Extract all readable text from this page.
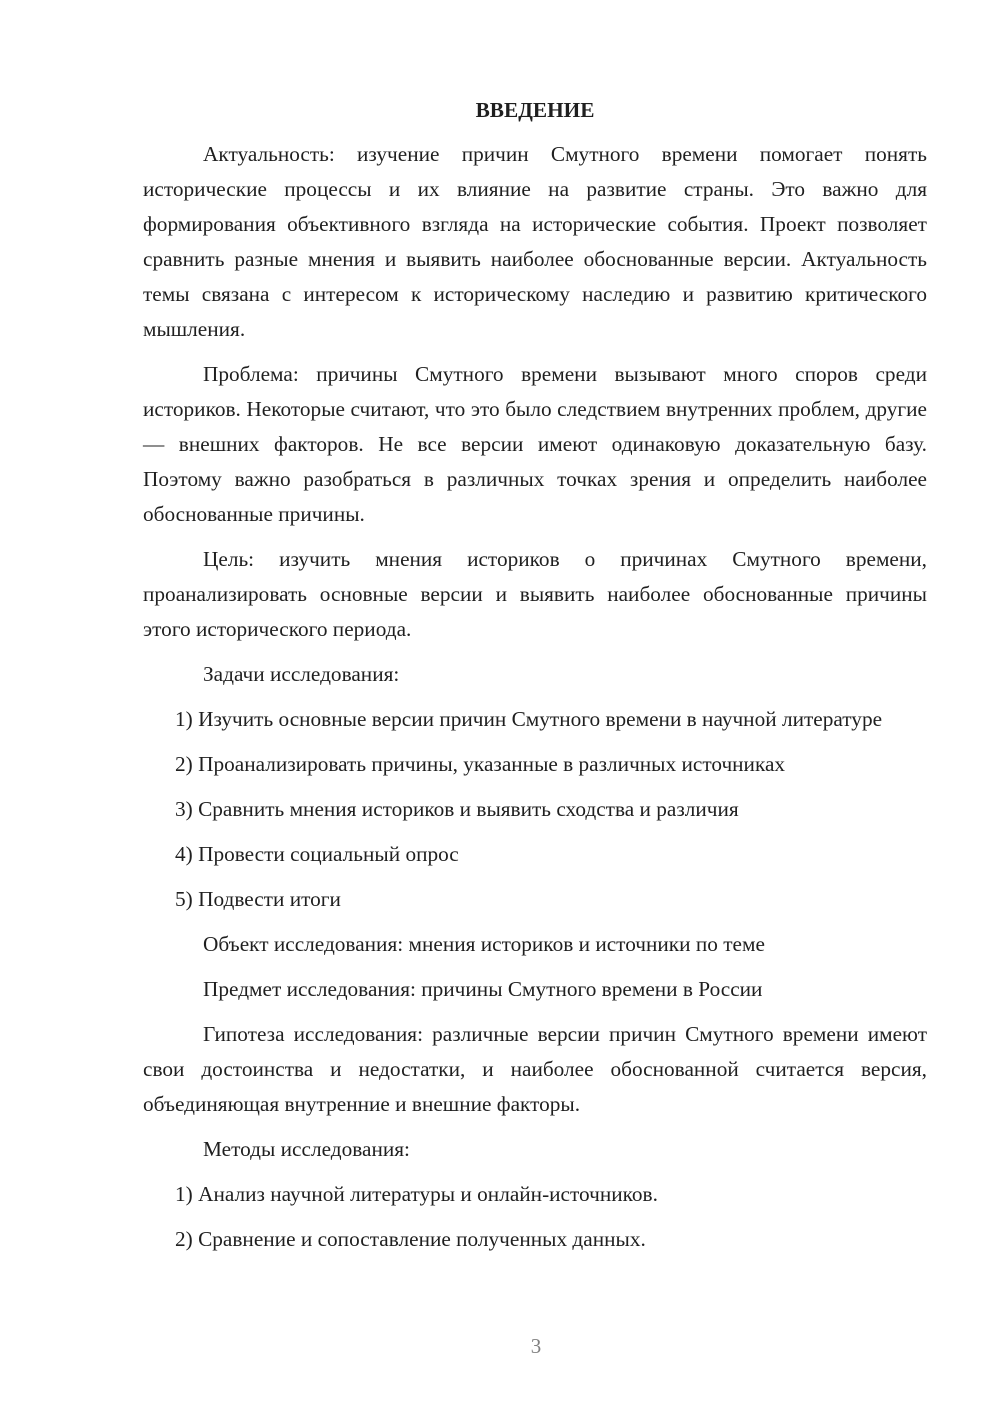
ВВЕДЕНИЕ

Актуальность: изучение причин Смутного времени помогает понять исторические процессы и их влияние на развитие страны. Это важно для формирования объективного взгляда на исторические события. Проект позволяет сравнить разные мнения и выявить наиболее обоснованные версии. Актуальность темы связана с интересом к историческому наследию и развитию критического мышления.

Проблема: причины Смутного времени вызывают много споров среди историков. Некоторые считают, что это было следствием внутренних проблем, другие — внешних факторов. Не все версии имеют одинаковую доказательную базу. Поэтому важно разобраться в различных точках зрения и определить наиболее обоснованные причины.

Цель: изучить мнения историков о причинах Смутного времени, проанализировать основные версии и выявить наиболее обоснованные причины этого исторического периода.

Задачи исследования:

1) Изучить основные версии причин Смутного времени в научной литературе

2) Проанализировать причины, указанные в различных источниках

3) Сравнить мнения историков и выявить сходства и различия

4) Провести социальный опрос

5) Подвести итоги

Объект исследования: мнения историков и источники по теме

Предмет исследования: причины Смутного времени в России

Гипотеза исследования: различные версии причин Смутного времени имеют свои достоинства и недостатки, и наиболее обоснованной считается версия, объединяющая внутренние и внешние факторы.

Методы исследования:

1) Анализ научной литературы и онлайн-источников.

2) Сравнение и сопоставление полученных данных.

3
